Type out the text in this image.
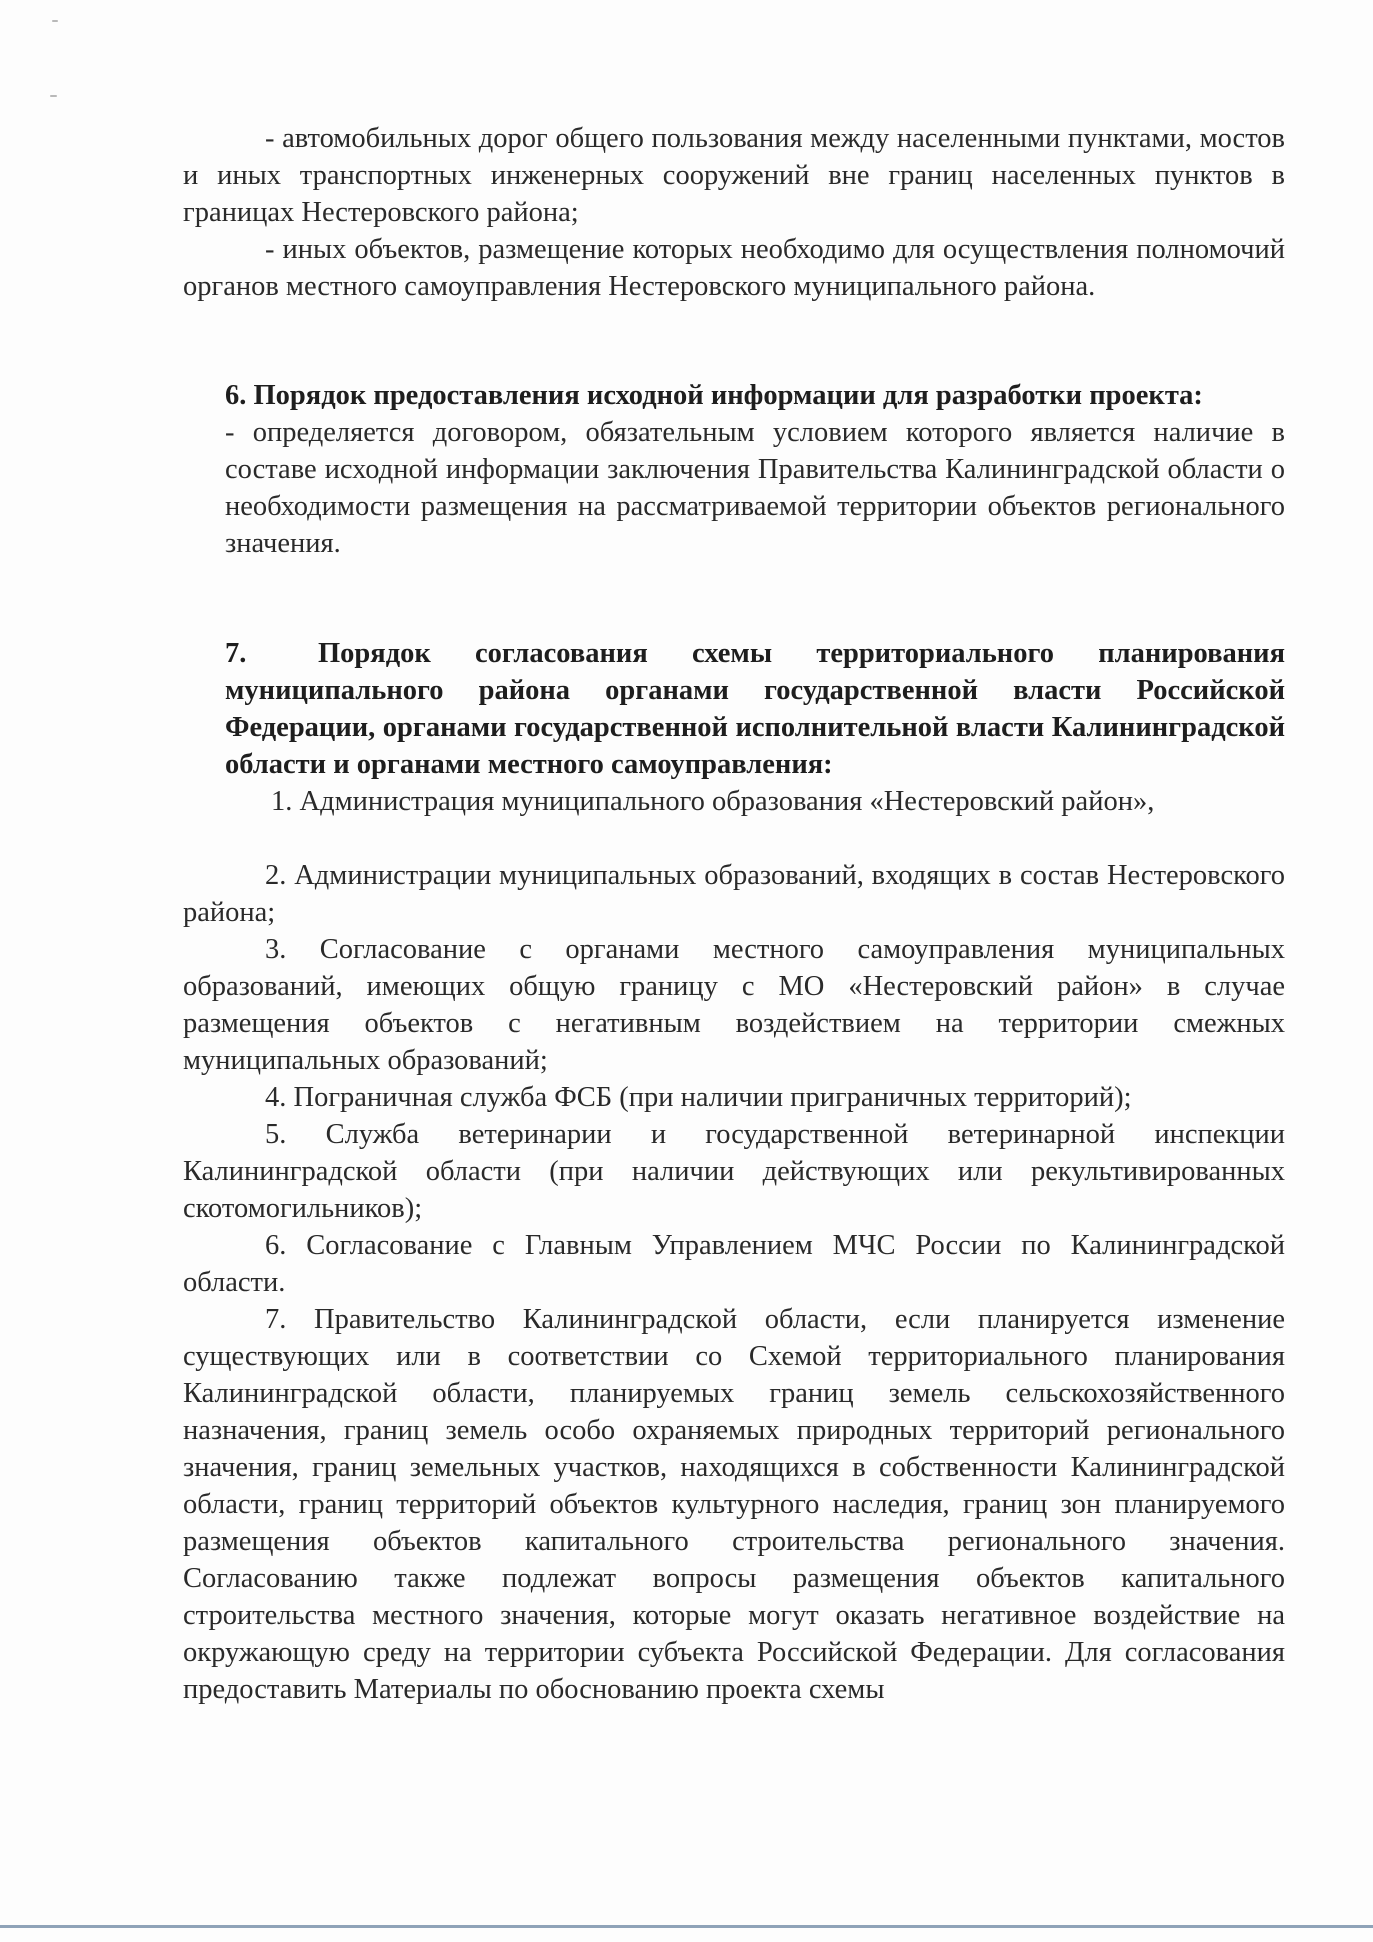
- автомобильных дорог общего пользования между населенными пунктами, мостов и иных транспортных инженерных сооружений вне границ населенных пунктов в границах Нестеровского района;

- иных объектов, размещение которых необходимо для осуществления полномочий органов местного самоуправления Нестеровского муниципального района.

6. Порядок предоставления исходной информации для разработки проекта:

- определяется договором, обязательным условием которого является наличие в составе исходной информации заключения Правительства Калининградской области о необходимости размещения на рассматриваемой территории объектов регионального значения.

7.	Порядок согласования схемы территориального планирования муниципального района органами государственной власти Российской Федерации, органами государственной исполнительной власти Калининградской области и органами местного самоуправления:

1. Администрация муниципального образования «Нестеровский район»,

2. Администрации муниципальных образований, входящих в состав Нестеровского района;

3. Согласование с органами местного самоуправления муниципальных образований, имеющих общую границу с МО «Нестеровский район» в случае размещения объектов с негативным воздействием на территории смежных муниципальных образований;

4. Пограничная служба ФСБ (при наличии приграничных территорий);

5. Служба ветеринарии и государственной ветеринарной инспекции Калининградской области (при наличии действующих или рекультивированных скотомогильников);

6. Согласование с Главным Управлением МЧС России по Калининградской области.

7. Правительство Калининградской области, если планируется изменение существующих или в соответствии со Схемой территориального планирования Калининградской области, планируемых границ земель сельскохозяйственного назначения, границ земель особо охраняемых природных территорий регионального значения, границ земельных участков, находящихся в собственности Калининградской области, границ территорий объектов культурного наследия, границ зон планируемого размещения объектов капитального строительства регионального значения. Согласованию также подлежат вопросы размещения объектов капитального строительства местного значения, которые могут оказать негативное воздействие на окружающую среду на территории субъекта Российской Федерации. Для согласования предоставить Материалы по обоснованию проекта схемы
